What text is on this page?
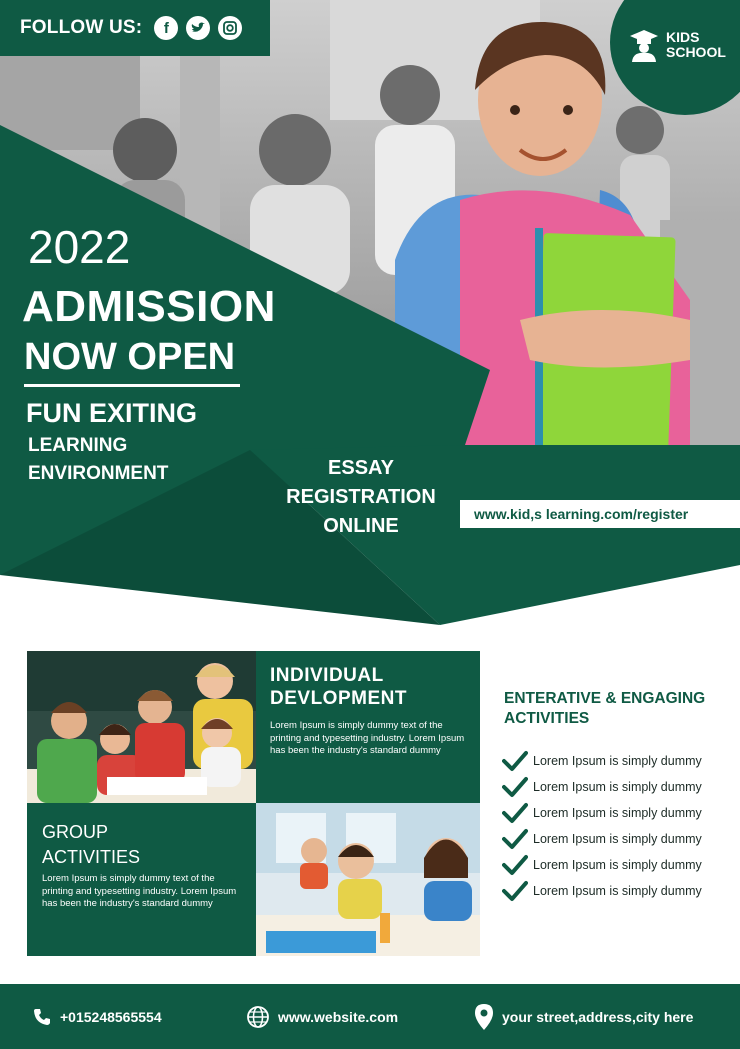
FOLLOW US:	f
KIDS
SCHOOL
2022
ADMISSION
NOW OPEN
FUN EXITING
LEARNING
ENVIRONMENT	ESSAY
REGISTRATION
ONLINE
www.kid,s learning.com/register
INDIVIDUAL
DEVLOPMENT
Lorem Ipsum is simply dummy text of the printing and typesetting industry. Lorem Ipsum has been the industry's standard dummy
GROUP
ACTIVITIES
Lorem Ipsum is simply dummy text of the printing and typesetting industry. Lorem Ipsum has been the industry's standard dummy
ENTERATIVE & ENGAGING ACTIVITIES
Lorem Ipsum is simply dummy
Lorem Ipsum is simply dummy
Lorem Ipsum is simply dummy
Lorem Ipsum is simply dummy
Lorem Ipsum is simply dummy
Lorem Ipsum is simply dummy
+015248565554	www.website.com	your street,address,city here
